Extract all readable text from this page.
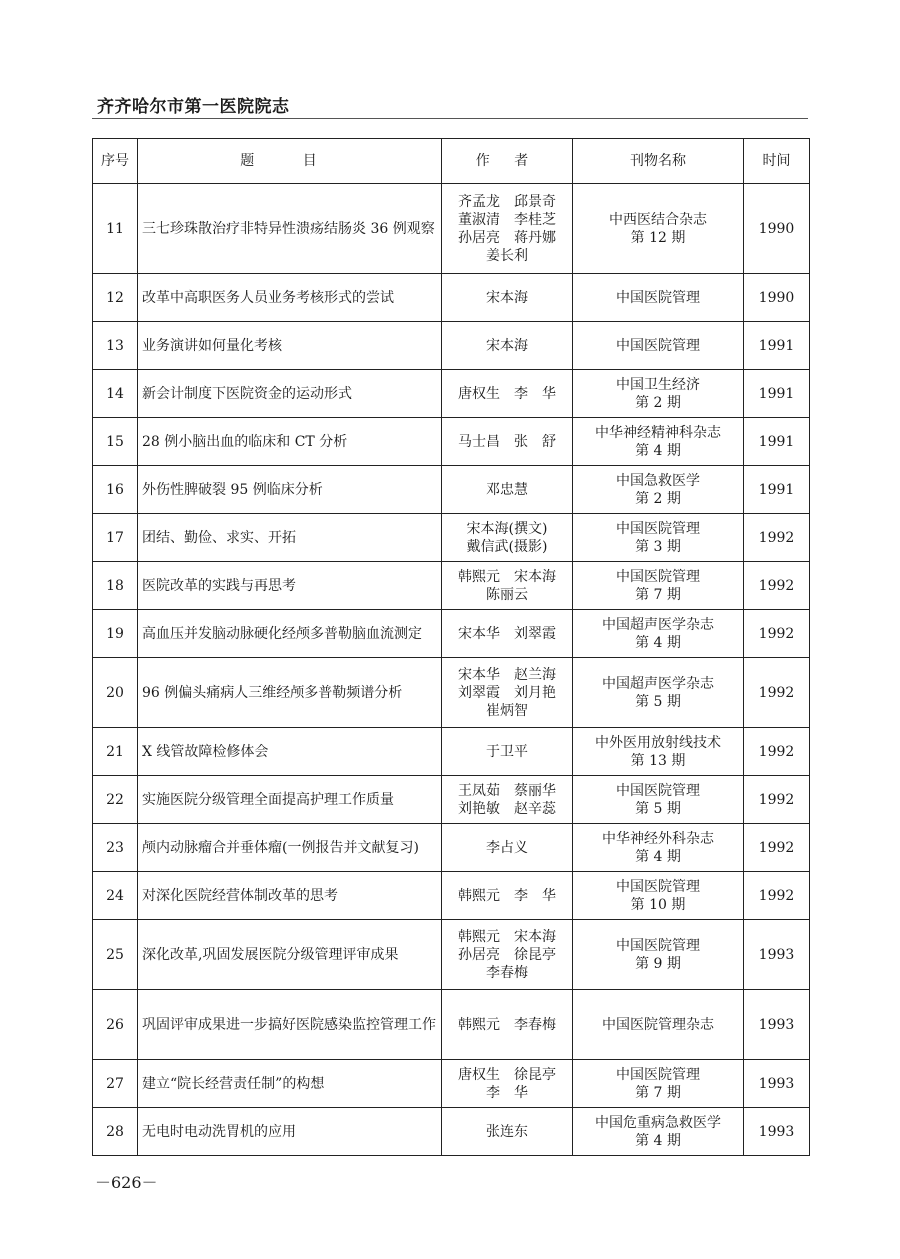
齐齐哈尔市第一医院院志
序号	题 目	作 者	刊物名称	时间
11	三七珍珠散治疗非特异性溃疡结肠炎 36 例观察	齐孟龙　邱景奇
董淑清　李桂芝
孙居亮　蒋丹娜
姜长利	中西医结合杂志
第 12 期	1990
12	改革中高职医务人员业务考核形式的尝试	宋本海	中国医院管理	1990
13	业务演讲如何量化考核	宋本海	中国医院管理	1991
14	新会计制度下医院资金的运动形式	唐权生　李　华	中国卫生经济
第 2 期	1991
15	28 例小脑出血的临床和 CT 分析	马士昌　张　舒	中华神经精神科杂志
第 4 期	1991
16	外伤性脾破裂 95 例临床分析	邓忠慧	中国急救医学
第 2 期	1991
17	团结、勤俭、求实、开拓	宋本海(撰文)
戴信武(摄影)	中国医院管理
第 3 期	1992
18	医院改革的实践与再思考	韩熙元　宋本海
陈丽云	中国医院管理
第 7 期	1992
19	高血压并发脑动脉硬化经颅多普勒脑血流测定	宋本华　刘翠霞	中国超声医学杂志
第 4 期	1992
20	96 例偏头痛病人三维经颅多普勒频谱分析	宋本华　赵兰海
刘翠霞　刘月艳
崔炳智	中国超声医学杂志
第 5 期	1992
21	X 线管故障检修体会	于卫平	中外医用放射线技术
第 13 期	1992
22	实施医院分级管理全面提高护理工作质量	王凤茹　蔡丽华
刘艳敏　赵辛蕊	中国医院管理
第 5 期	1992
23	颅内动脉瘤合并垂体瘤(一例报告并文献复习)	李占义	中华神经外科杂志
第 4 期	1992
24	对深化医院经营体制改革的思考	韩熙元　李　华	中国医院管理
第 10 期	1992
25	深化改革,巩固发展医院分级管理评审成果	韩熙元　宋本海
孙居亮　徐昆亭
李春梅	中国医院管理
第 9 期	1993
26	巩固评审成果进一步搞好医院感染监控管理工作	韩熙元　李春梅	中国医院管理杂志	1993
27	建立“院长经营责任制”的构想	唐权生　徐昆亭
李　华	中国医院管理
第 7 期	1993
28	无电时电动洗胃机的应用	张连东	中国危重病急救医学
第 4 期	1993
－626－
